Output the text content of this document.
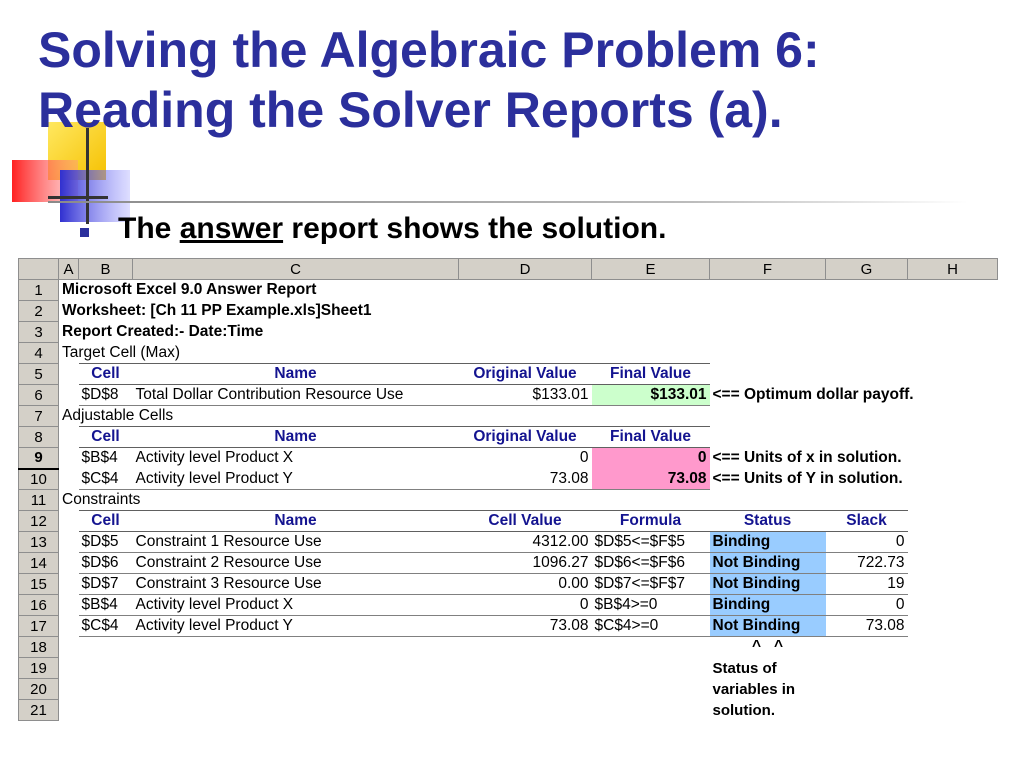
Solving the Algebraic Problem 6:
Reading the Solver Reports (a).
The answer report shows the solution.
	A	B	C	D	E	F	G	H
1	Microsoft Excel 9.0 Answer Report							
2	Worksheet: [Ch 11 PP Example.xls]Sheet1							
3	Report Created:- Date:Time							
4	Target Cell (Max)							
5		Cell	Name	Original Value	Final Value			
6		$D$8	Total Dollar Contribution Resource Use	$133.01	$133.01	<== Optimum dollar payoff.		
7	Adjustable Cells							
8		Cell	Name	Original Value	Final Value			
9		$B$4	Activity level Product X	0	0	<== Units of x in solution.		
10		$C$4	Activity level Product Y	73.08	73.08	<== Units of Y in solution.		
11	Constraints							
12		Cell	Name	Cell Value	Formula	Status	Slack	
13		$D$5	Constraint 1 Resource Use	4312.00	$D$5<=$F$5	Binding	0	
14		$D$6	Constraint 2 Resource Use	1096.27	$D$6<=$F$6	Not Binding	722.73	
15		$D$7	Constraint 3 Resource Use	0.00	$D$7<=$F$7	Not Binding	19	
16		$B$4	Activity level Product X	0	$B$4>=0	Binding	0	
17		$C$4	Activity level Product Y	73.08	$C$4>=0	Not Binding	73.08	
18						^   ^		
19						Status of		
20						variables in		
21						solution.		
